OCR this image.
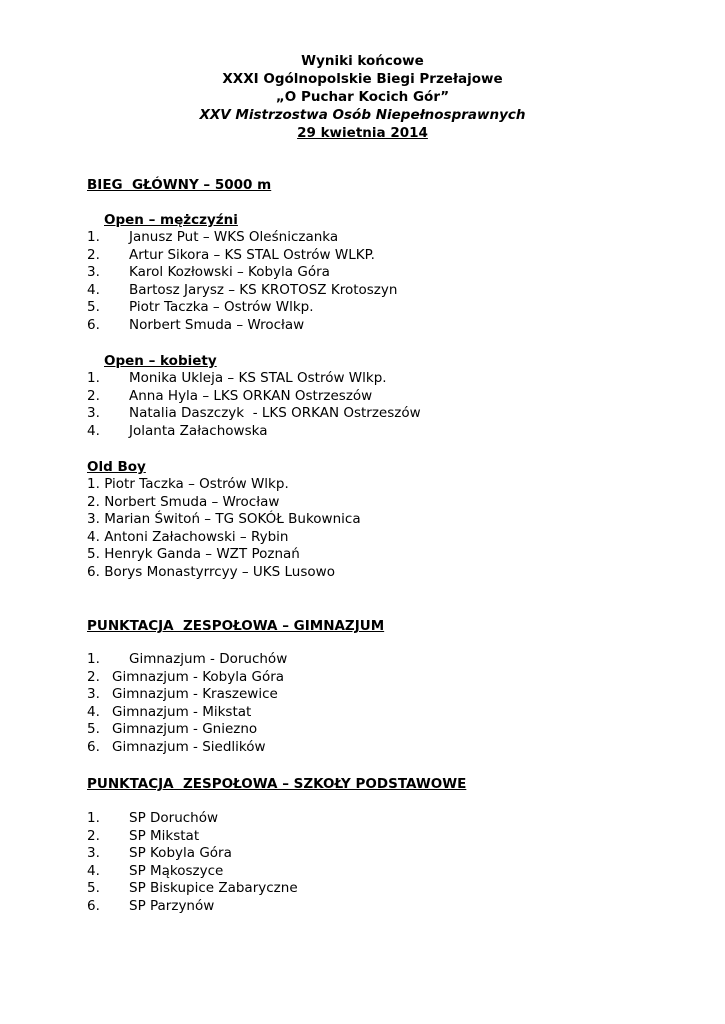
Wyniki końcowe
XXXI Ogólnopolskie Biegi Przełajowe
„O Puchar Kocich Gór”
XXV Mistrzostwa Osób Niepełnosprawnych
29 kwietnia 2014
BIEG  GŁÓWNY – 5000 m
Open – mężczyźni
1. Janusz Put – WKS Oleśniczanka
2. Artur Sikora – KS STAL Ostrów WLKP.
3. Karol Kozłowski – Kobyla Góra
4. Bartosz Jarysz – KS KROTOSZ Krotoszyn
5. Piotr Taczka – Ostrów Wlkp.
6. Norbert Smuda – Wrocław
Open – kobiety
1. Monika Ukleja – KS STAL Ostrów Wlkp.
2. Anna Hyla – LKS ORKAN Ostrzeszów
3. Natalia Daszczyk  - LKS ORKAN Ostrzeszów
4. Jolanta Załachowska
Old Boy
1. Piotr Taczka – Ostrów Wlkp.
2. Norbert Smuda – Wrocław
3. Marian Świtoń – TG SOKÓŁ Bukownica
4. Antoni Załachowski – Rybin
5. Henryk Ganda – WZT Poznań
6. Borys Monastyrrcyy – UKS Lusowo
PUNKTACJA  ZESPOŁOWA – GIMNAZJUM
1. Gimnazjum - Doruchów
2. Gimnazjum - Kobyla Góra
3. Gimnazjum - Kraszewice
4. Gimnazjum - Mikstat
5. Gimnazjum - Gniezno
6. Gimnazjum - Siedlików
PUNKTACJA  ZESPOŁOWA – SZKOŁY PODSTAWOWE
1. SP Doruchów
2. SP Mikstat
3. SP Kobyla Góra
4. SP Mąkoszyce
5. SP Biskupice Zabaryczne
6. SP Parzynów
